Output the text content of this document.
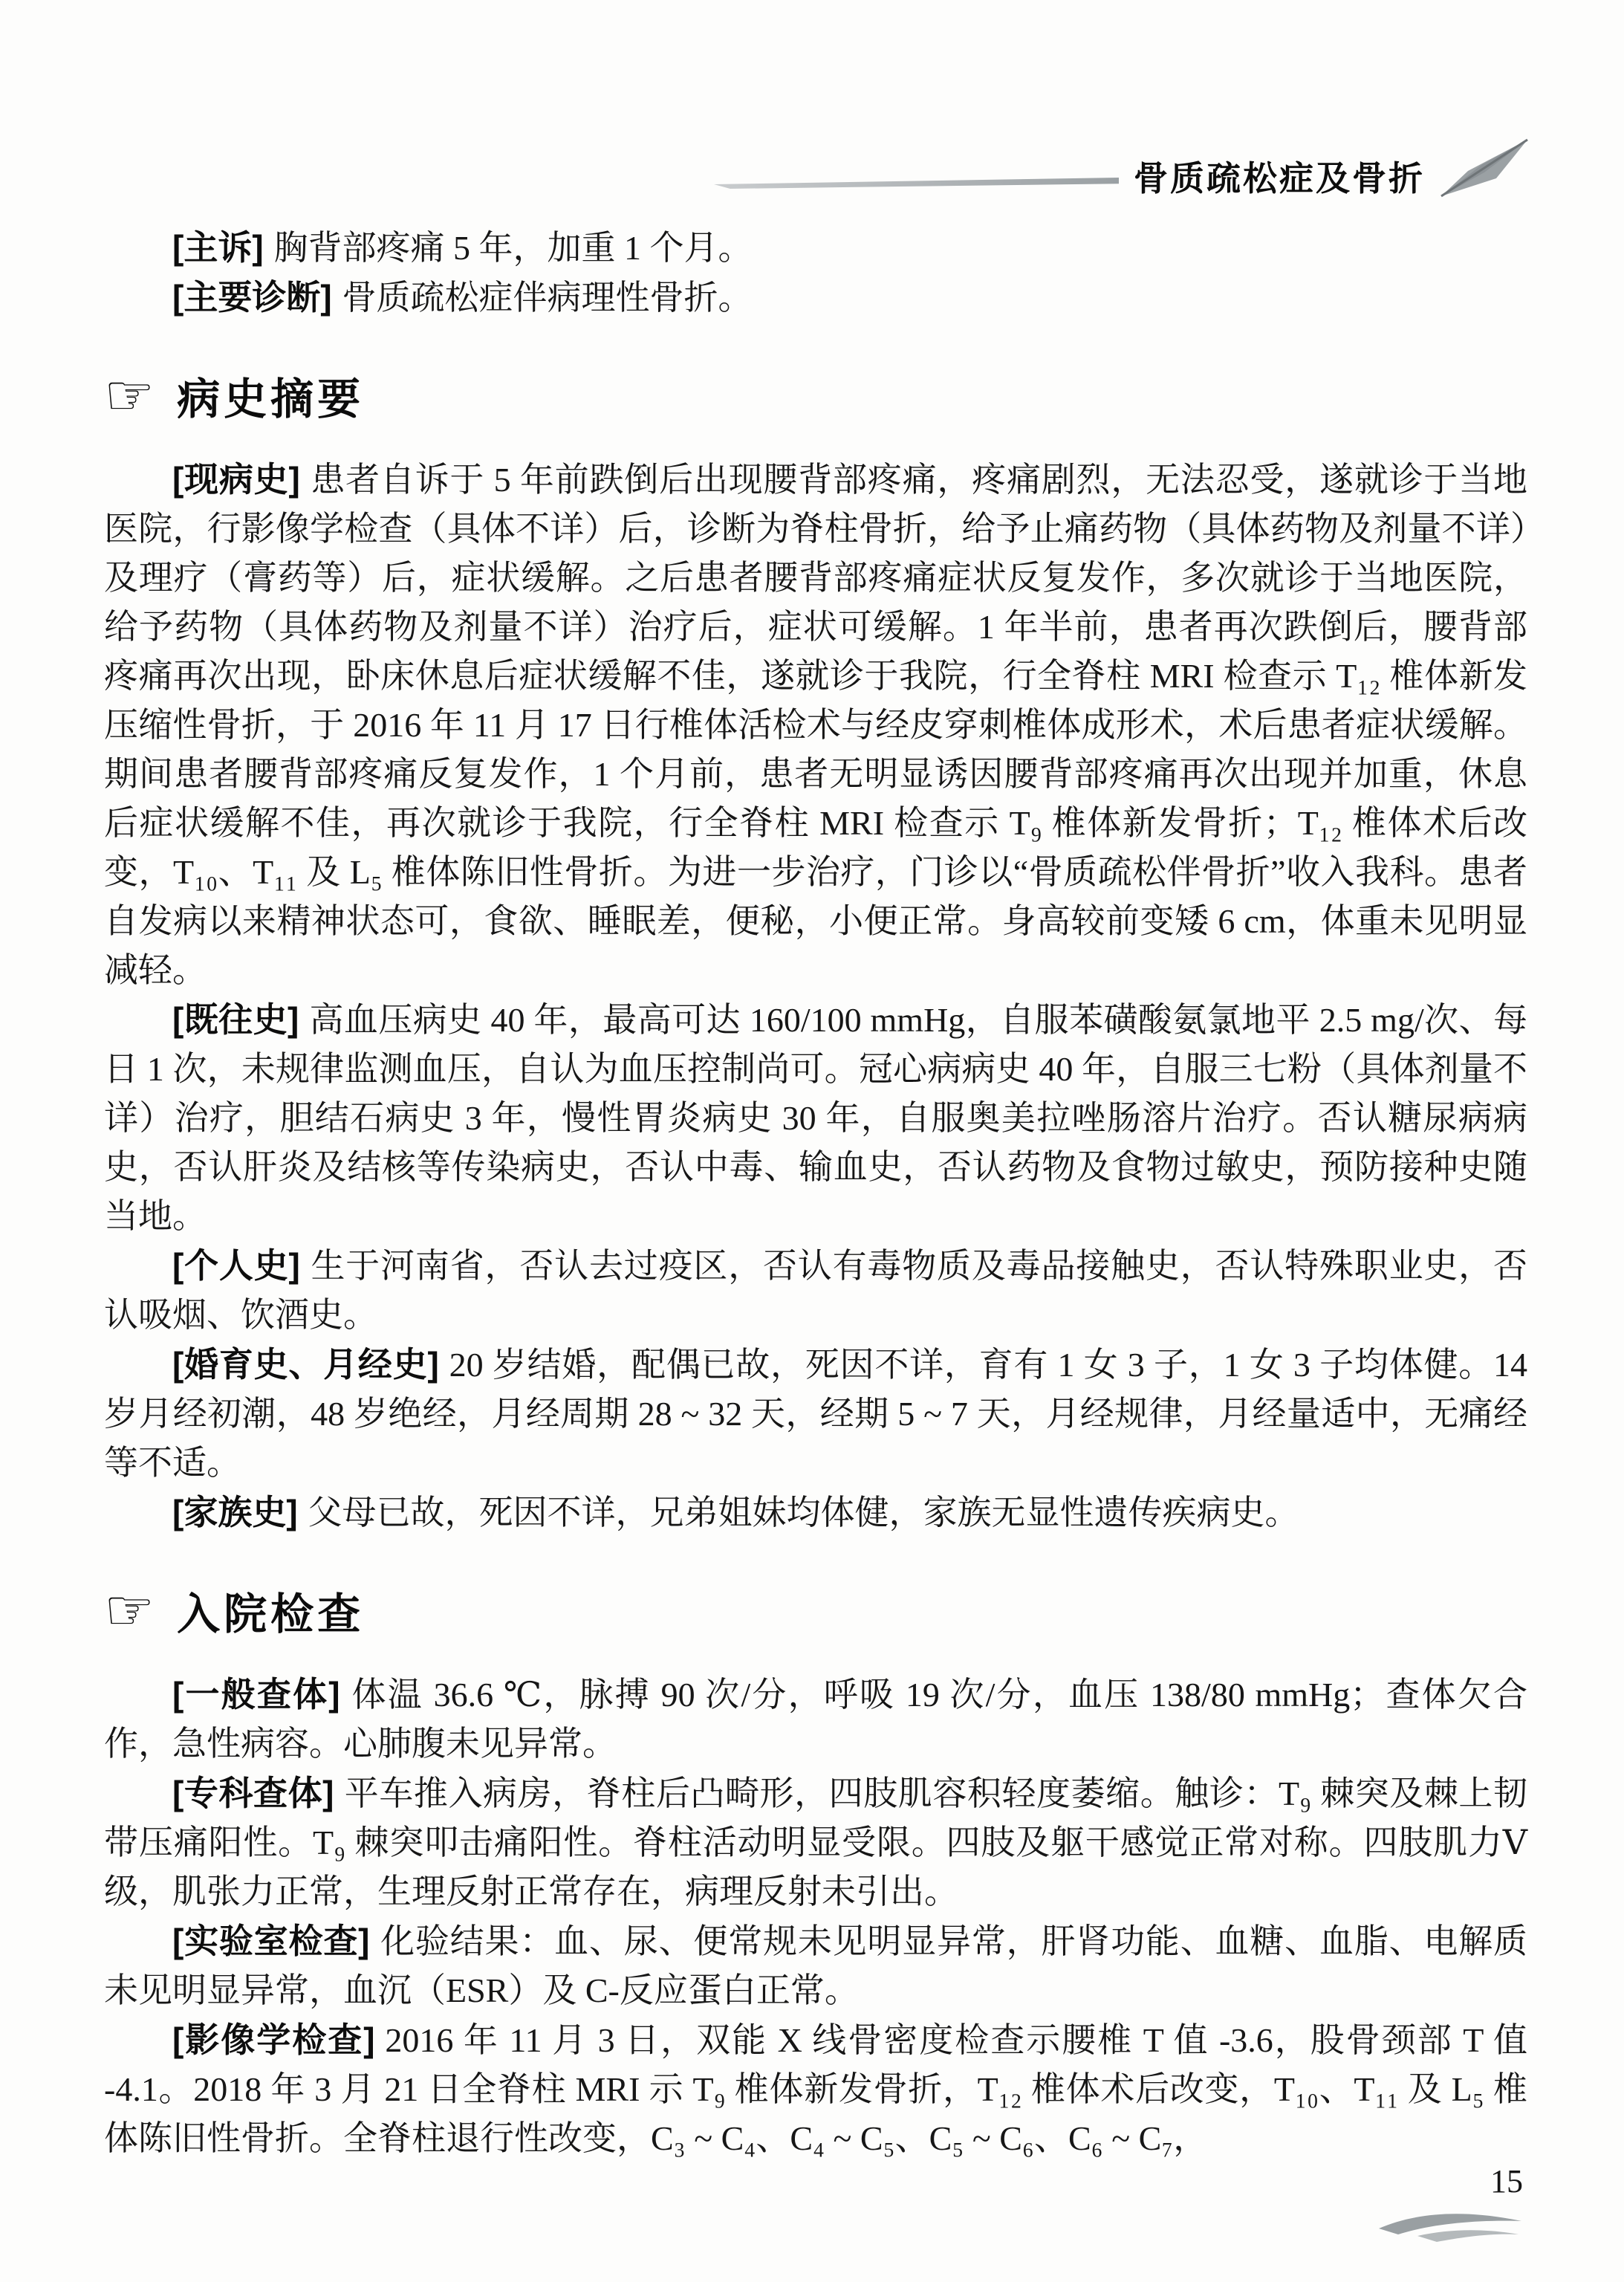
骨质疏松症及骨折

[主诉] 胸背部疼痛 5 年，加重 1 个月。

[主要诊断] 骨质疏松症伴病理性骨折。

☞ 病史摘要

[现病史] 患者自诉于 5 年前跌倒后出现腰背部疼痛，疼痛剧烈，无法忍受，遂就诊于当地医院，行影像学检查（具体不详）后，诊断为脊柱骨折，给予止痛药物（具体药物及剂量不详）及理疗（膏药等）后，症状缓解。之后患者腰背部疼痛症状反复发作，多次就诊于当地医院，给予药物（具体药物及剂量不详）治疗后，症状可缓解。1 年半前，患者再次跌倒后，腰背部疼痛再次出现，卧床休息后症状缓解不佳，遂就诊于我院，行全脊柱 MRI 检查示 T₁₂ 椎体新发压缩性骨折，于 2016 年 11 月 17 日行椎体活检术与经皮穿刺椎体成形术，术后患者症状缓解。期间患者腰背部疼痛反复发作，1 个月前，患者无明显诱因腰背部疼痛再次出现并加重，休息后症状缓解不佳，再次就诊于我院，行全脊柱 MRI 检查示 T₉ 椎体新发骨折；T₁₂ 椎体术后改变，T₁₀、T₁₁ 及 L₅ 椎体陈旧性骨折。为进一步治疗，门诊以“骨质疏松伴骨折”收入我科。患者自发病以来精神状态可，食欲、睡眠差，便秘，小便正常。身高较前变矮 6 cm，体重未见明显减轻。

[既往史] 高血压病史 40 年，最高可达 160/100 mmHg，自服苯磺酸氨氯地平 2.5 mg/次、每日 1 次，未规律监测血压，自认为血压控制尚可。冠心病病史 40 年，自服三七粉（具体剂量不详）治疗，胆结石病史 3 年，慢性胃炎病史 30 年，自服奥美拉唑肠溶片治疗。否认糖尿病病史，否认肝炎及结核等传染病史，否认中毒、输血史，否认药物及食物过敏史，预防接种史随当地。

[个人史] 生于河南省，否认去过疫区，否认有毒物质及毒品接触史，否认特殊职业史，否认吸烟、饮酒史。

[婚育史、月经史] 20 岁结婚，配偶已故，死因不详，育有 1 女 3 子，1 女 3 子均体健。14 岁月经初潮，48 岁绝经，月经周期 28 ~ 32 天，经期 5 ~ 7 天，月经规律，月经量适中，无痛经等不适。

[家族史] 父母已故，死因不详，兄弟姐妹均体健，家族无显性遗传疾病史。

☞ 入院检查

[一般查体] 体温 36.6 ℃，脉搏 90 次/分，呼吸 19 次/分，血压 138/80 mmHg；查体欠合作，急性病容。心肺腹未见异常。

[专科查体] 平车推入病房，脊柱后凸畸形，四肢肌容积轻度萎缩。触诊：T₉ 棘突及棘上韧带压痛阳性。T₉ 棘突叩击痛阳性。脊柱活动明显受限。四肢及躯干感觉正常对称。四肢肌力Ⅴ级，肌张力正常，生理反射正常存在，病理反射未引出。

[实验室检查] 化验结果：血、尿、便常规未见明显异常，肝肾功能、血糖、血脂、电解质未见明显异常，血沉（ESR）及 C-反应蛋白正常。

[影像学检查] 2016 年 11 月 3 日，双能 X 线骨密度检查示腰椎 T 值 -3.6，股骨颈部 T 值 -4.1。2018 年 3 月 21 日全脊柱 MRI 示 T₉ 椎体新发骨折，T₁₂ 椎体术后改变，T₁₀、T₁₁ 及 L₅ 椎体陈旧性骨折。全脊柱退行性改变，C₃ ~ C₄、C₄ ~ C₅、C₅ ~ C₆、C₆ ~ C₇，

15
